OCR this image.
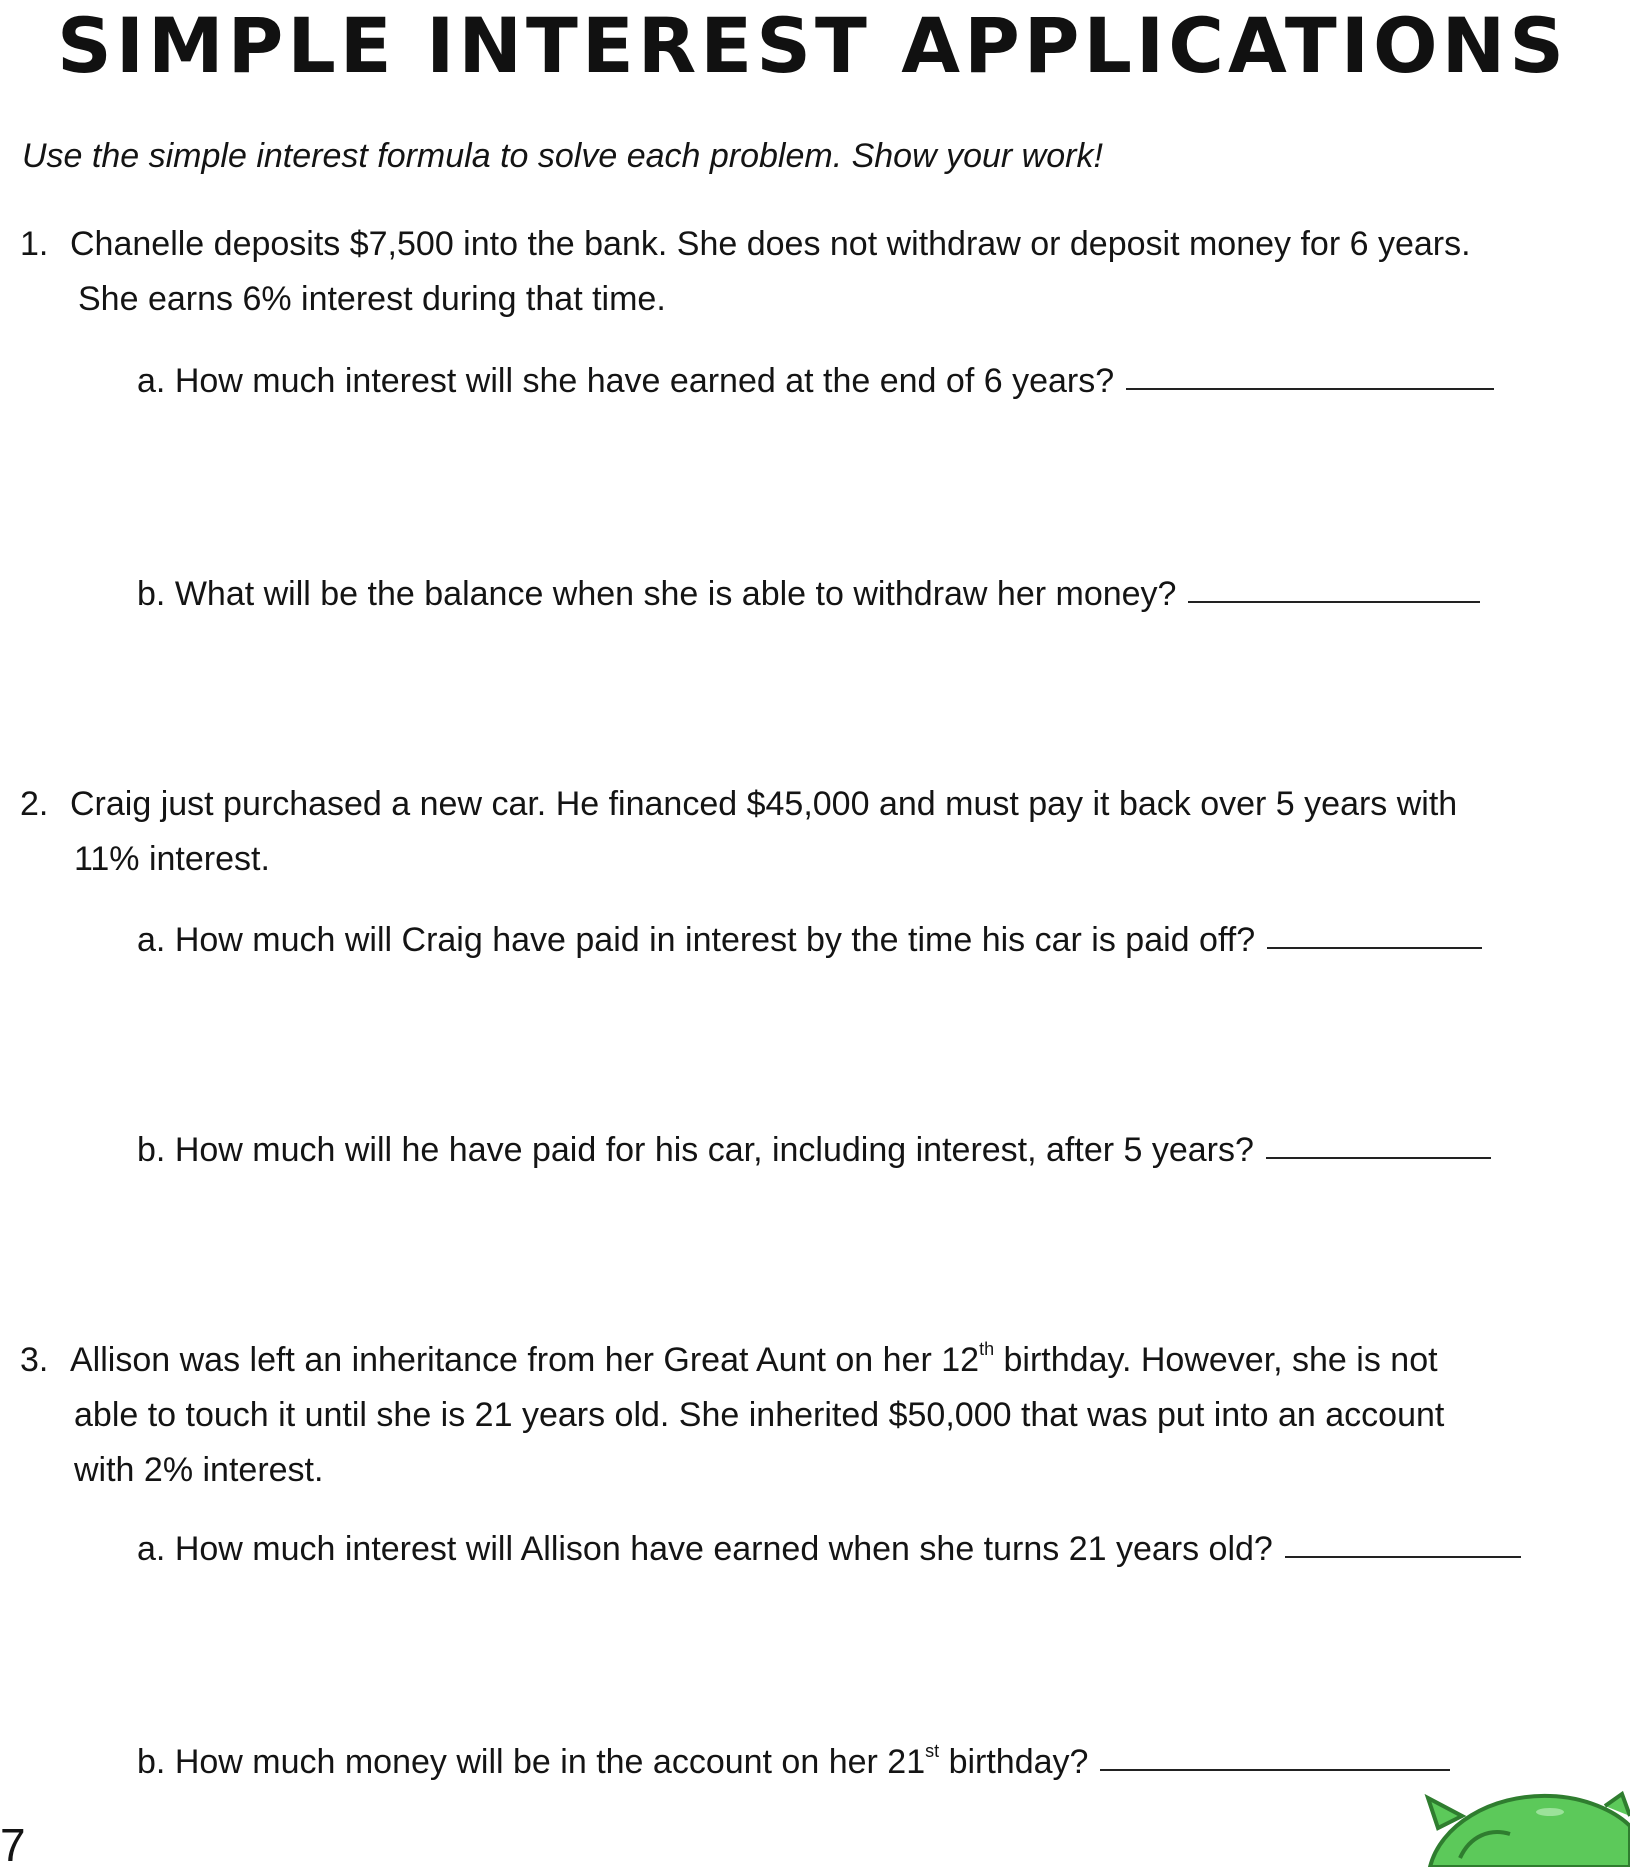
SIMPLE INTEREST APPLICATIONS
Use the simple interest formula to solve each problem. Show your work!
1. Chanelle deposits $7,500 into the bank. She does not withdraw or deposit money for 6 years.
She earns 6% interest during that time.
a. How much interest will she have earned at the end of 6 years?
b. What will be the balance when she is able to withdraw her money?
2. Craig just purchased a new car. He financed $45,000 and must pay it back over 5 years with
11% interest.
a. How much will Craig have paid in interest by the time his car is paid off?
b. How much will he have paid for his car, including interest, after 5 years?
3. Allison was left an inheritance from her Great Aunt on her 12th birthday. However, she is not
able to touch it until she is 21 years old. She inherited $50,000 that was put into an account
with 2% interest.
a. How much interest will Allison have earned when she turns 21 years old?
b. How much money will be in the account on her 21st birthday?
7
